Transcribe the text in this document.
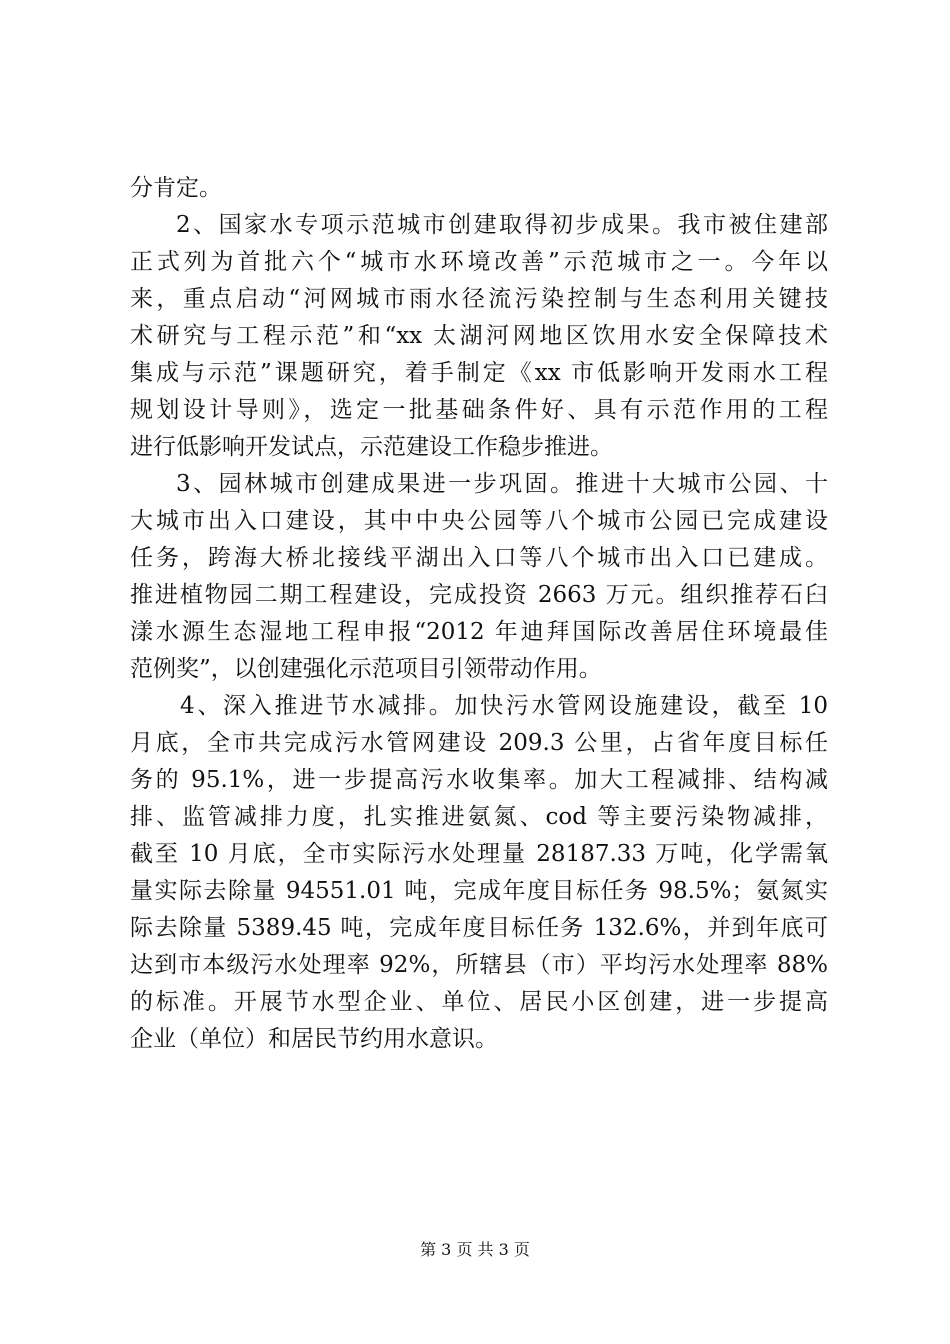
分肯定。
2、国家水专项示范城市创建取得初步成果。我市被住建部
正式列为首批六个“城市水环境改善”示范城市之一。今年以
来，重点启动“河网城市雨水径流污染控制与生态利用关键技
术研究与工程示范”和“xx 太湖河网地区饮用水安全保障技术
集成与示范”课题研究，着手制定《xx 市低影响开发雨水工程
规划设计导则》，选定一批基础条件好、具有示范作用的工程
进行低影响开发试点，示范建设工作稳步推进。
3、园林城市创建成果进一步巩固。推进十大城市公园、十
大城市出入口建设，其中中央公园等八个城市公园已完成建设
任务，跨海大桥北接线平湖出入口等八个城市出入口已建成。
推进植物园二期工程建设，完成投资 2663 万元。组织推荐石臼
漾水源生态湿地工程申报“2012 年迪拜国际改善居住环境最佳
范例奖”，以创建强化示范项目引领带动作用。
4、深入推进节水减排。加快污水管网设施建设，截至 10
月底，全市共完成污水管网建设 209.3 公里，占省年度目标任
务的 95.1%，进一步提高污水收集率。加大工程减排、结构减
排、监管减排力度，扎实推进氨氮、cod 等主要污染物减排，
截至 10 月底，全市实际污水处理量 28187.33 万吨，化学需氧
量实际去除量 94551.01 吨，完成年度目标任务 98.5%；氨氮实
际去除量 5389.45 吨，完成年度目标任务 132.6%，并到年底可
达到市本级污水处理率 92%，所辖县（市）平均污水处理率 88%
的标准。开展节水型企业、单位、居民小区创建，进一步提高
企业（单位）和居民节约用水意识。
第 3 页 共 3 页
